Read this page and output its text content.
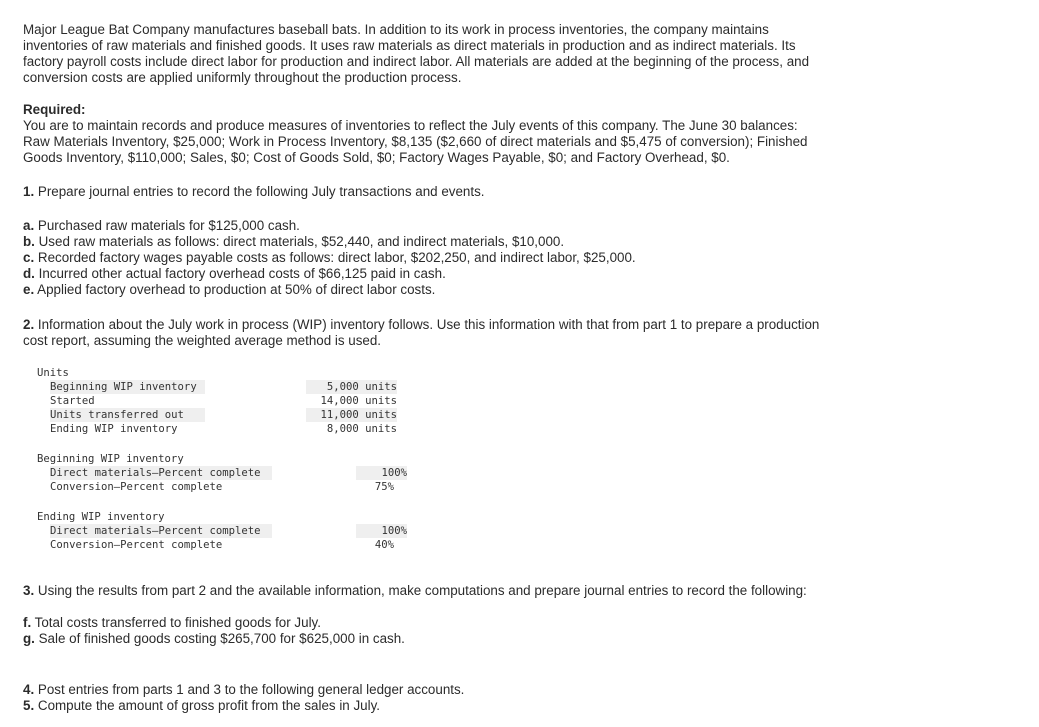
Major League Bat Company manufactures baseball bats. In addition to its work in process inventories, the company maintains
inventories of raw materials and finished goods. It uses raw materials as direct materials in production and as indirect materials. Its
factory payroll costs include direct labor for production and indirect labor. All materials are added at the beginning of the process, and
conversion costs are applied uniformly throughout the production process.
Required:
You are to maintain records and produce measures of inventories to reflect the July events of this company. The June 30 balances:
Raw Materials Inventory, $25,000; Work in Process Inventory, $8,135 ($2,660 of direct materials and $5,475 of conversion); Finished
Goods Inventory, $110,000; Sales, $0; Cost of Goods Sold, $0; Factory Wages Payable, $0; and Factory Overhead, $0.
1. Prepare journal entries to record the following July transactions and events.
a. Purchased raw materials for $125,000 cash.
b. Used raw materials as follows: direct materials, $52,440, and indirect materials, $10,000.
c. Recorded factory wages payable costs as follows: direct labor, $202,250, and indirect labor, $25,000.
d. Incurred other actual factory overhead costs of $66,125 paid in cash.
e. Applied factory overhead to production at 50% of direct labor costs.
2. Information about the July work in process (WIP) inventory follows. Use this information with that from part 1 to prepare a production
cost report, assuming the weighted average method is used.
Units
Beginning WIP inventory	5,000 units
Started	14,000 units
Units transferred out	11,000 units
Ending WIP inventory	8,000 units
Beginning WIP inventory
Direct materials—Percent complete	100%
Conversion—Percent complete	75%
Ending WIP inventory
Direct materials—Percent complete	100%
Conversion—Percent complete	40%
3. Using the results from part 2 and the available information, make computations and prepare journal entries to record the following:
f. Total costs transferred to finished goods for July.
g. Sale of finished goods costing $265,700 for $625,000 in cash.
4. Post entries from parts 1 and 3 to the following general ledger accounts.
5. Compute the amount of gross profit from the sales in July.
